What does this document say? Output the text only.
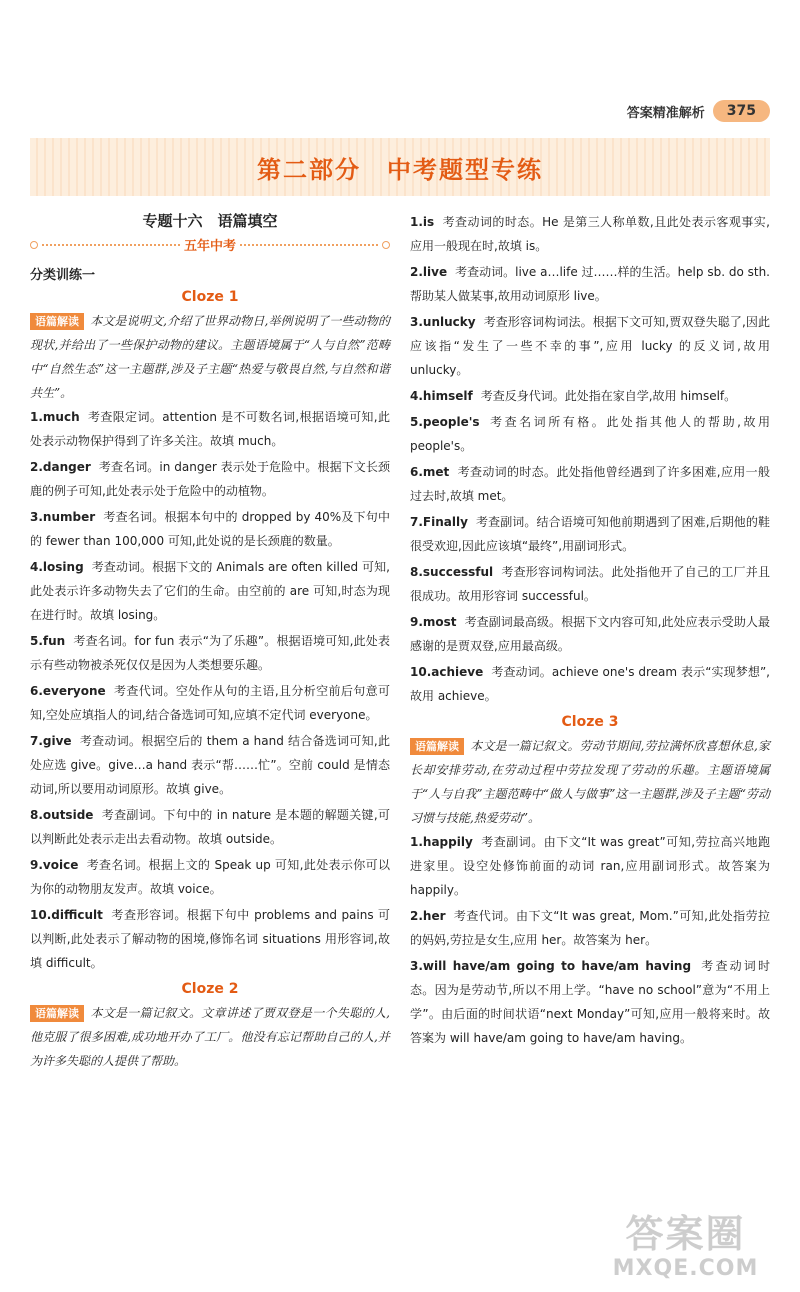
答案精准解析	375
第二部分　中考题型专练
专题十六　语篇填空
五年中考
分类训练一
Cloze 1

语篇解读 本文是说明文,介绍了世界动物日,举例说明了一些动物的现状,并给出了一些保护动物的建议。主题语境属于“人与自然”范畴中“自然生态”这一主题群,涉及子主题“热爱与敬畏自然,与自然和谐共生”。

1.much 考查限定词。attention 是不可数名词,根据语境可知,此处表示动物保护得到了许多关注。故填 much。

2.danger 考查名词。in danger 表示处于危险中。根据下文长颈鹿的例子可知,此处表示处于危险中的动植物。

3.number 考查名词。根据本句中的 dropped by 40%及下句中的 fewer than 100,000 可知,此处说的是长颈鹿的数量。

4.losing 考查动词。根据下文的 Animals are often killed 可知,此处表示许多动物失去了它们的生命。由空前的 are 可知,时态为现在进行时。故填 losing。

5.fun 考查名词。for fun 表示“为了乐趣”。根据语境可知,此处表示有些动物被杀死仅仅是因为人类想要乐趣。

6.everyone 考查代词。空处作从句的主语,且分析空前后句意可知,空处应填指人的词,结合备选词可知,应填不定代词 everyone。

7.give 考查动词。根据空后的 them a hand 结合备选词可知,此处应选 give。give…a hand 表示“帮……忙”。空前 could 是情态动词,所以要用动词原形。故填 give。

8.outside 考查副词。下句中的 in nature 是本题的解题关键,可以判断此处表示走出去看动物。故填 outside。

9.voice 考查名词。根据上文的 Speak up 可知,此处表示你可以为你的动物朋友发声。故填 voice。

10.difficult 考查形容词。根据下句中 problems and pains 可以判断,此处表示了解动物的困境,修饰名词 situations 用形容词,故填 difficult。

Cloze 2

语篇解读 本文是一篇记叙文。文章讲述了贾双登是一个失聪的人,他克服了很多困难,成功地开办了工厂。他没有忘记帮助自己的人,并为许多失聪的人提供了帮助。

1.is 考查动词的时态。He 是第三人称单数,且此处表示客观事实,应用一般现在时,故填 is。

2.live 考查动词。live a…life 过……样的生活。help sb. do sth.帮助某人做某事,故用动词原形 live。

3.unlucky 考查形容词构词法。根据下文可知,贾双登失聪了,因此应该指“发生了一些不幸的事”,应用 lucky 的反义词,故用 unlucky。

4.himself 考查反身代词。此处指在家自学,故用 himself。

5.people's 考查名词所有格。此处指其他人的帮助,故用 people's。

6.met 考查动词的时态。此处指他曾经遇到了许多困难,应用一般过去时,故填 met。

7.Finally 考查副词。结合语境可知他前期遇到了困难,后期他的鞋很受欢迎,因此应该填“最终”,用副词形式。

8.successful 考查形容词构词法。此处指他开了自己的工厂并且很成功。故用形容词 successful。

9.most 考查副词最高级。根据下文内容可知,此处应表示受助人最感谢的是贾双登,应用最高级。

10.achieve 考查动词。achieve one's dream 表示“实现梦想”,故用 achieve。

Cloze 3

语篇解读 本文是一篇记叙文。劳动节期间,劳拉满怀欣喜想休息,家长却安排劳动,在劳动过程中劳拉发现了劳动的乐趣。主题语境属于“人与自我”主题范畴中“做人与做事”这一主题群,涉及子主题“劳动习惯与技能,热爱劳动”。

1.happily 考查副词。由下文“It was great”可知,劳拉高兴地跑进家里。设空处修饰前面的动词 ran,应用副词形式。故答案为 happily。

2.her 考查代词。由下文“It was great, Mom.”可知,此处指劳拉的妈妈,劳拉是女生,应用 her。故答案为 her。

3.will have/am going to have/am having 考查动词时态。因为是劳动节,所以不用上学。“have no school”意为“不用上学”。由后面的时间状语“next Monday”可知,应用一般将来时。故答案为 will have/am going to have/am having。

答案圈
MXQE.COM
